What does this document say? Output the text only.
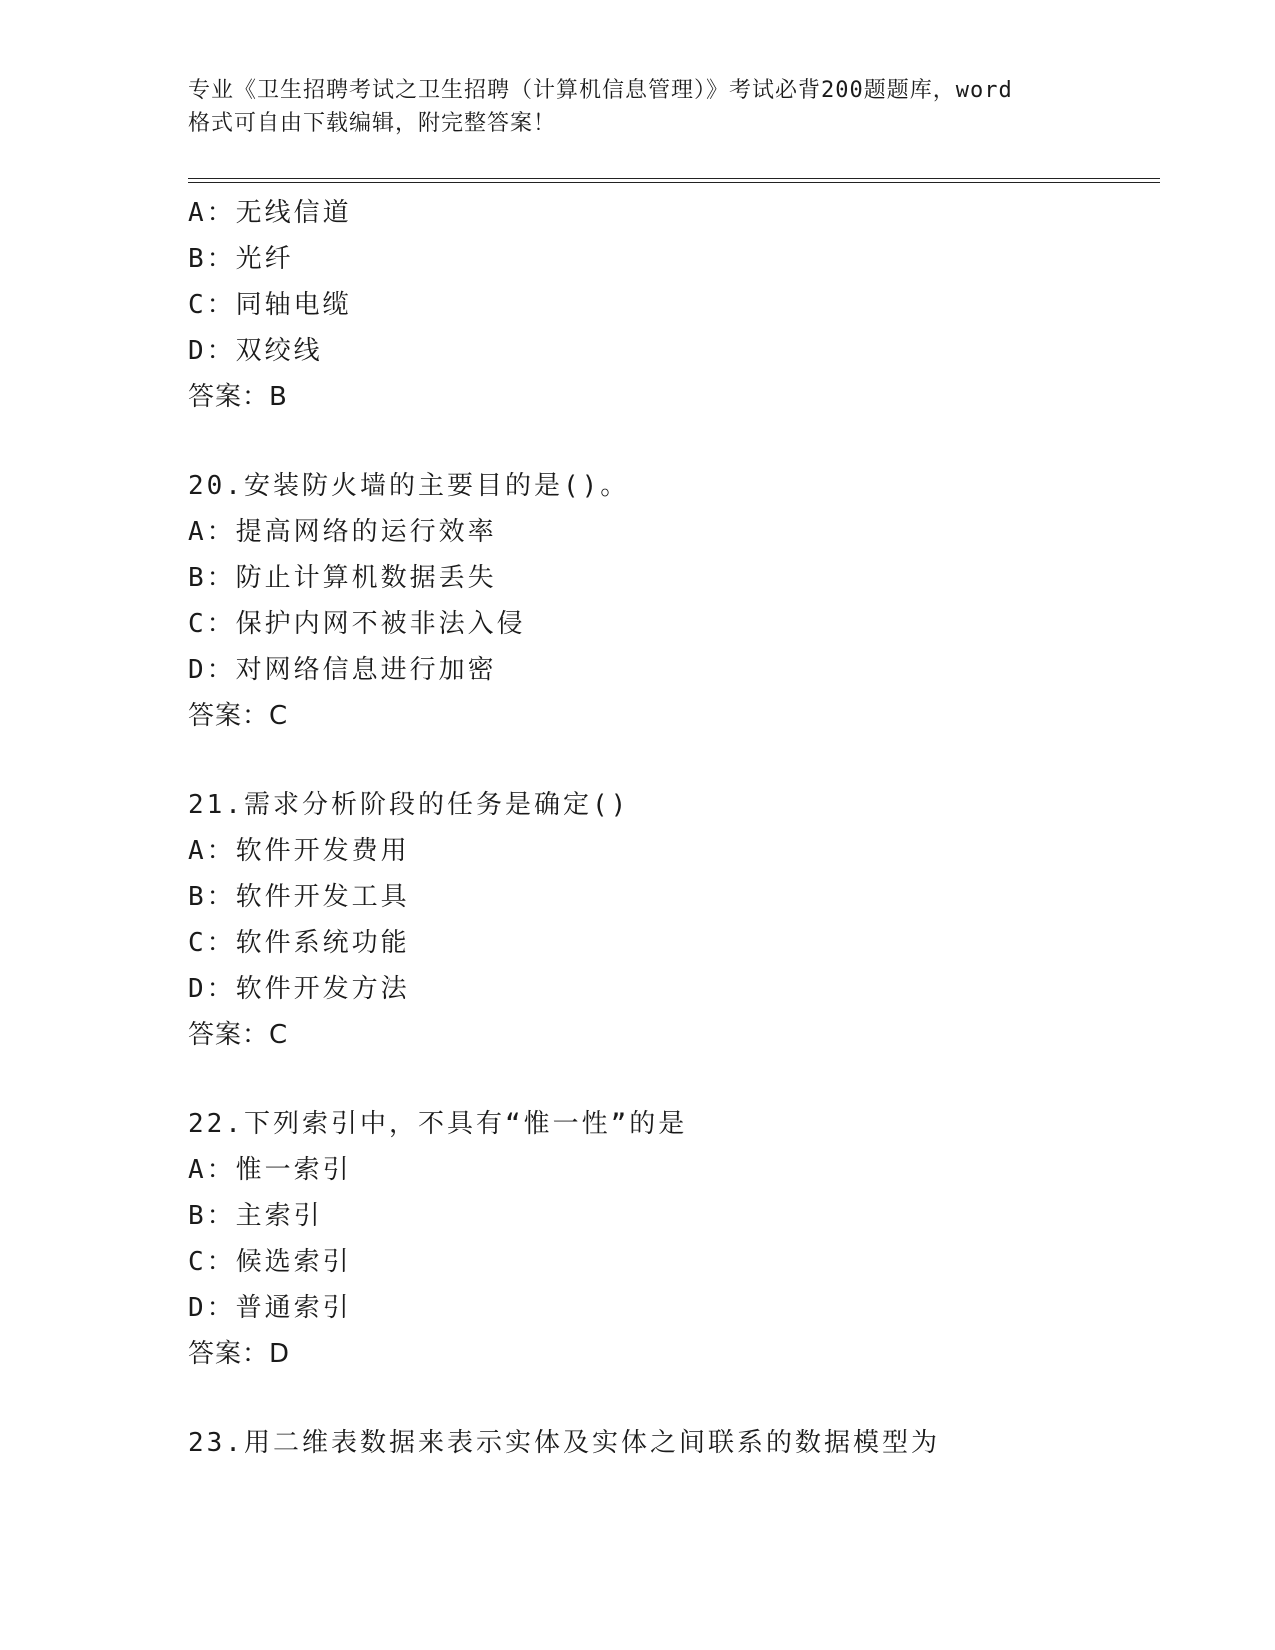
专业《卫生招聘考试之卫生招聘（计算机信息管理）》考试必背200题题库，word
格式可自由下载编辑，附完整答案！
A：无线信道
B：光纤
C：同轴电缆
D：双绞线
答案：B
20.安装防火墙的主要目的是()。
A：提高网络的运行效率
B：防止计算机数据丢失
C：保护内网不被非法入侵
D：对网络信息进行加密
答案：C
21.需求分析阶段的任务是确定()
A：软件开发费用
B：软件开发工具
C：软件系统功能
D：软件开发方法
答案：C
22.下列索引中，不具有“惟一性”的是
A：惟一索引
B：主索引
C：候选索引
D：普通索引
答案：D
23.用二维表数据来表示实体及实体之间联系的数据模型为
